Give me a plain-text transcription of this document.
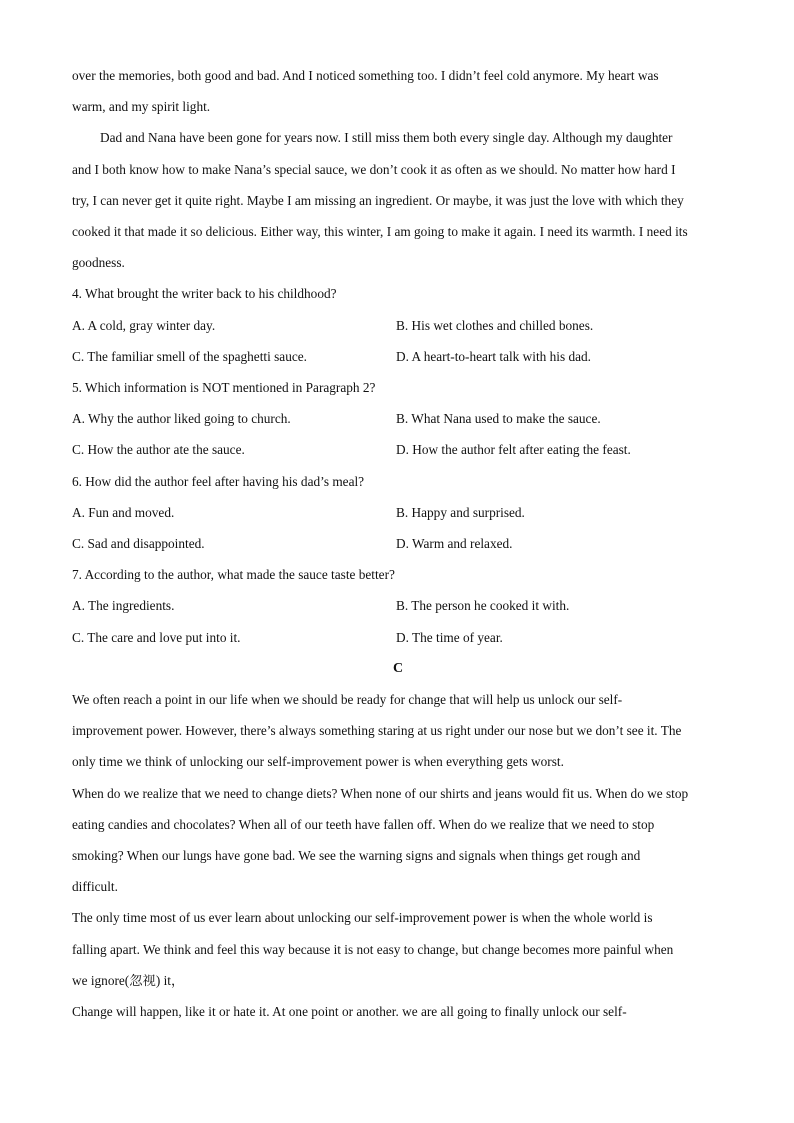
over the memories, both good and bad. And I noticed something too. I didn’t feel cold anymore. My heart was
warm, and my spirit light.
Dad and Nana have been gone for years now. I still miss them both every single day. Although my daughter
and I both know how to make Nana’s special sauce, we don’t cook it as often as we should. No matter how hard I
try, I can never get it quite right. Maybe I am missing an ingredient. Or maybe, it was just the love with which they
cooked it that made it so delicious. Either way, this winter, I am going to make it again. I need its warmth. I need its
goodness.
4. What brought the writer back to his childhood?
A. A cold, gray winter day.	B. His wet clothes and chilled bones.
C. The familiar smell of the spaghetti sauce.	D. A heart-to-heart talk with his dad.
5. Which information is NOT mentioned in Paragraph 2?
A. Why the author liked going to church.	B. What Nana used to make the sauce.
C. How the author ate the sauce.	D. How the author felt after eating the feast.
6. How did the author feel after having his dad’s meal?
A. Fun and moved.	B. Happy and surprised.
C. Sad and disappointed.	D. Warm and relaxed.
7. According to the author, what made the sauce taste better?
A. The ingredients.	B. The person he cooked it with.
C. The care and love put into it.	D. The time of year.
C
We often reach a point in our life when we should be ready for change that will help us unlock our self-
improvement power. However, there’s always something staring at us right under our nose but we don’t see it. The
only time we think of unlocking our self-improvement power is when everything gets worst.
When do we realize that we need to change diets? When none of our shirts and jeans would fit us. When do we stop
eating candies and chocolates? When all of our teeth have fallen off. When do we realize that we need to stop
smoking? When our lungs have gone bad. We see the warning signs and signals when things get rough and
difficult.
The only time most of us ever learn about unlocking our self-improvement power is when the whole world is
falling apart. We think and feel this way because it is not easy to change, but change becomes more painful when
we ignore(忽视) it，
Change will happen, like it or hate it. At one point or another. we are all going to finally unlock our self-
